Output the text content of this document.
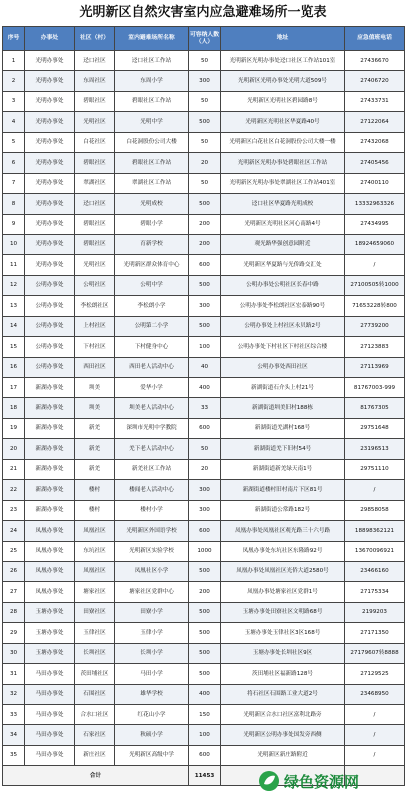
光明新区自然灾害室内应急避难场所一览表
序号	办事处	社区（村）	室内避难场所名称	可容纳人数（人）	地址	应急值班电话
1	光明办事处	迳口社区	迳口社区工作站	50	光明新区光明办事处迳口社区工作站101室	27436670
2	光明办事处	东周社区	东周小学	300	光明新区光明办事处光明大道509号	27406720
3	光明办事处	碧眼社区	碧眼社区工作站	50	光明新区光明社区碧园路8号	27433731
4	光明办事处	光明社区	光明中学	500	光明新区光明社区华夏路40号	27122064
5	光明办事处	白花社区	白花洞股份公司大楼	50	光明新区白花社区白花洞股份公司大楼一楼	27432068
6	光明办事处	碧眼社区	碧眼社区工作站	20	光明新区光明办事处碧眼社区工作站	27405456
7	光明办事处	翠湖社区	翠湖社区工作站	50	光明新区光明办事处翠湖社区工作站401室	27400110
8	光明办事处	迳口社区	光明成校	500	迳口社区华夏路光明成校	13332963326
9	光明办事处	碧眼社区	碧眼小学	200	光明新区光明社区河心南路4号	27434995
10	光明办事处	碧眼社区	育新学校	200	观光路华强创意园附近	18924659060
11	光明办事处	光明社区	光明新区群众体育中心	600	光明新区华夏路与光侨路交汇处	/
12	公明办事处	公明社区	公明中学	500	公明办事处公明社区长春中路	27100505转1000
13	公明办事处	李松朗社区	李松朗小学	300	公明办事处李松朗社区宏泰路90号	71653228转800
14	公明办事处	上村社区	公明第二小学	500	公明办事处上村社区永贝路2号	27739200
15	公明办事处	下村社区	下村健身中心	100	公明办事处下村社区下村社区综合楼	27123883
16	公明办事处	西田社区	西田老人活动中心	40	公明办事处西田社区	27113969
17	新湖办事处	圳美	爱华小学	400	新湖街道石介头上村21号	81767003-999
18	新湖办事处	圳美	圳美老人活动中心	33	新湖街道圳美旧村188栋	81767305
19	新湖办事处	新羌	深圳市光明中学教院	600	新湖街道羌湖村168号	29751648
20	新湖办事处	新羌	羌下老人活动中心	50	新湖街道羌下旧村54号	23196513
21	新湖办事处	新羌	新羌社区工作站	20	新湖街道新羌绿天南1号	29751110
22	新湖办事处	楼村	楼闻老人活动中心	300	新湖街道楼村旧村南片下区81号	/
23	新湖办事处	楼村	楼村小学	300	新湖街道公常路182号	29858058
24	凤凰办事处	凤凰社区	光明新区外国语学校	600	凤凰办事处凤凰社区观光路三十六号路	18898362121
25	凤凰办事处	东坑社区	光明新区实验学校	1000	凤凰办事处东坑社区东隆路92号	13670096921
26	凤凰办事处	凤凰社区	凤凰社区小学	500	凤凰办事处凤凰社区光侨大道2580号	23466160
27	凤凰办事处	塘家社区	塘家社区党群中心	200	凤凰办事处塘家社区党群1号	27175334
28	玉塘办事处	田寮社区	田寮小学	500	玉塘办事处田寮社区文明路68号	2199203
29	玉塘办事处	玉律社区	玉律小学	500	玉塘办事处玉律社区3区168号	27171350
30	玉塘办事处	长圳社区	长圳小学	500	玉塘办事处长圳社区9区	27179607转8888
31	马田办事处	茨田埔社区	马田小学	500	茨田埔社区福新路128号	27129525
32	马田办事处	石围社区	雄华学校	400	将石社区石围路工业大道2号	23468950
33	马田办事处	合水口社区	红花山小学	150	光明新区合水口社区富利北路旁	/
34	马田办事处	石家社区	秋硕小学	100	光明新区公明办事处国发旁西侧	/
35	马田办事处	新庄社区	光明新区高级中学	600	光明新区新庄路附近	/
合计				11453			绿色资源网
